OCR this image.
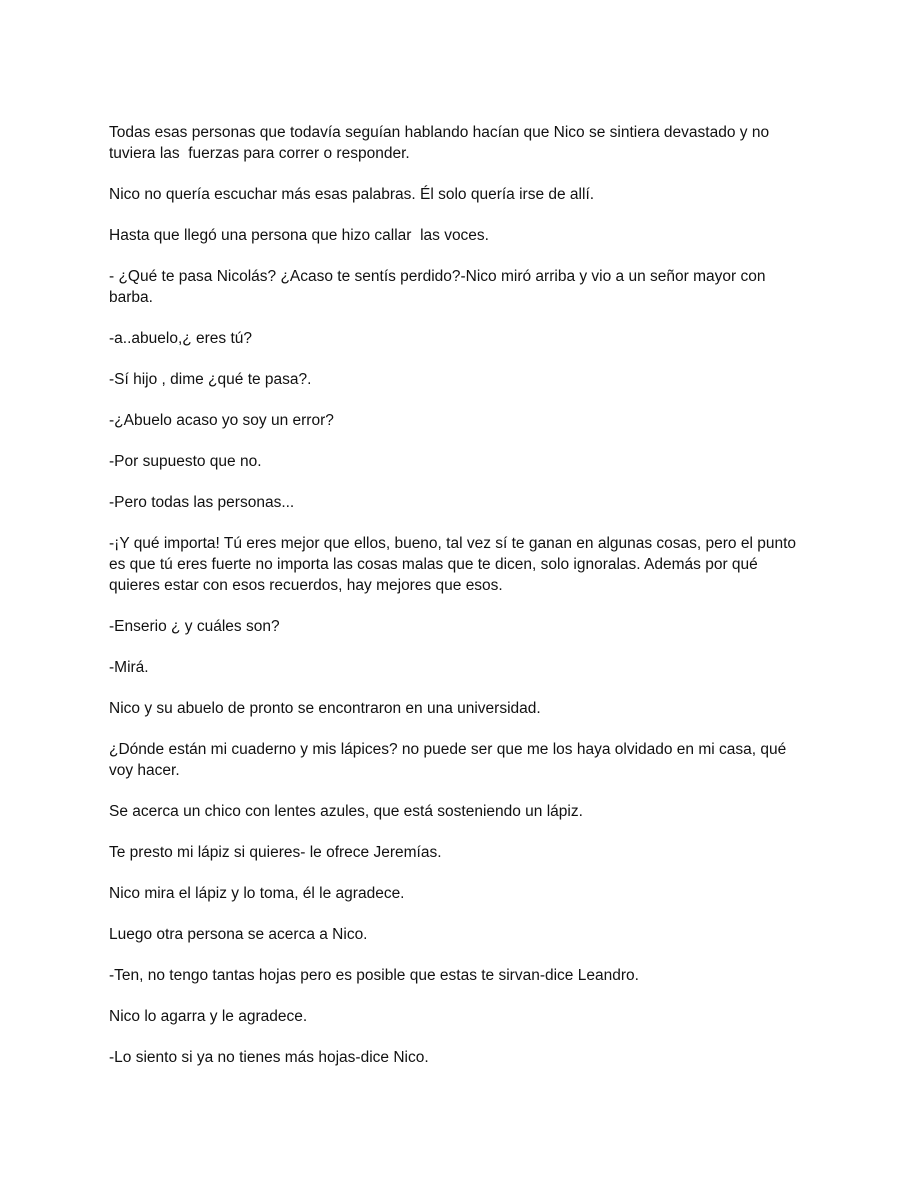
Todas esas personas que todavía seguían hablando hacían que Nico se sintiera devastado y no tuviera las  fuerzas para correr o responder.

Nico no quería escuchar más esas palabras. Él solo quería irse de allí.

Hasta que llegó una persona que hizo callar  las voces.

- ¿Qué te pasa Nicolás? ¿Acaso te sentís perdido?-Nico miró arriba y vio a un señor mayor con barba.

-a..abuelo,¿ eres tú?

-Sí hijo , dime ¿qué te pasa?.

-¿Abuelo acaso yo soy un error?

-Por supuesto que no.

-Pero todas las personas...

-¡Y qué importa! Tú eres mejor que ellos, bueno, tal vez sí te ganan en algunas cosas, pero el punto es que tú eres fuerte no importa las cosas malas que te dicen, solo ignoralas. Además por qué quieres estar con esos recuerdos, hay mejores que esos.

-Enserio ¿ y cuáles son?

-Mirá.

Nico y su abuelo de pronto se encontraron en una universidad.

¿Dónde están mi cuaderno y mis lápices? no puede ser que me los haya olvidado en mi casa, qué voy hacer.

Se acerca un chico con lentes azules, que está sosteniendo un lápiz.

Te presto mi lápiz si quieres- le ofrece Jeremías.

Nico mira el lápiz y lo toma, él le agradece.

Luego otra persona se acerca a Nico.

-Ten, no tengo tantas hojas pero es posible que estas te sirvan-dice Leandro.

Nico lo agarra y le agradece.

-Lo siento si ya no tienes más hojas-dice Nico.
